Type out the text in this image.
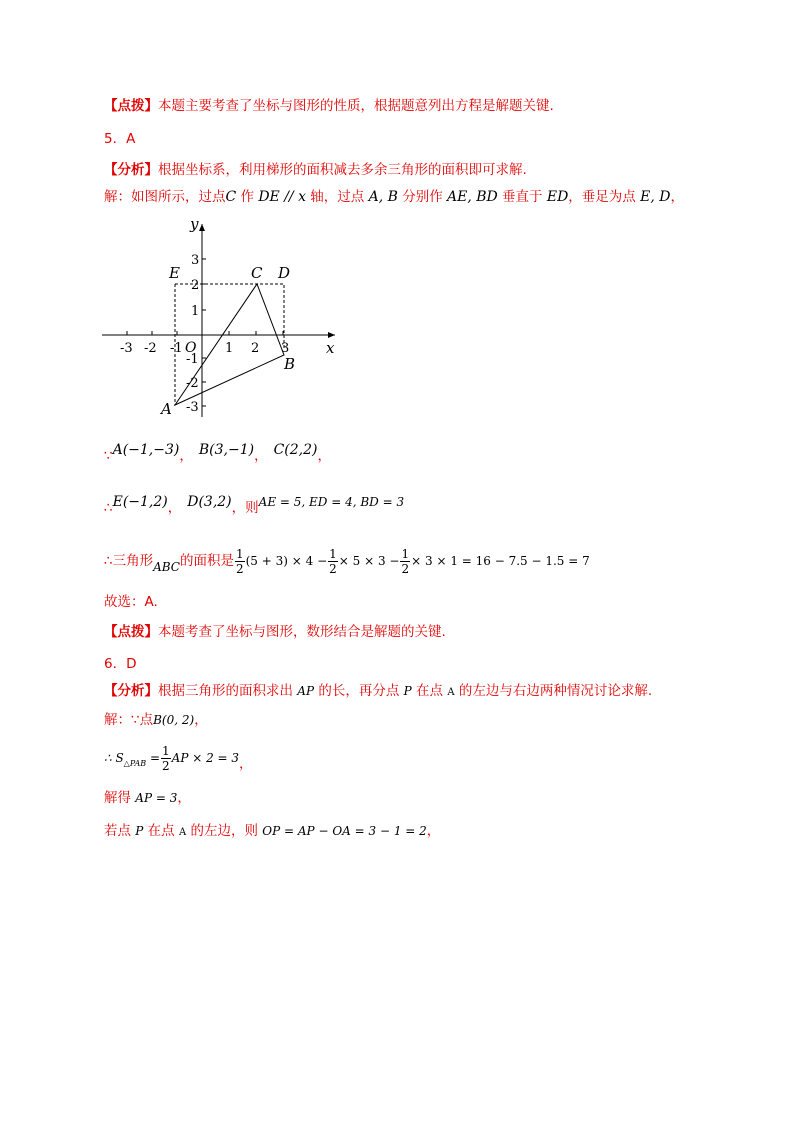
【点拨】本题主要考查了坐标与图形的性质，根据题意列出方程是解题关键.
5．A
【分析】根据坐标系，利用梯形的面积减去多余三角形的面积即可求解.
解：如图所示，过点C 作 DE // x 轴，过点 A, B 分别作 AE, BD 垂直于 ED，垂足为点 E, D，
y
x
O
-3 -2 -1	1 2 3
3
2
1
-1
-2
-3
E	C D
A
B
∵A(−1,−3)， B(3,−1)， C(2,2)，
∴E(−1,2)， D(3,2)，则AE = 5, ED = 4, BD = 3
∴三角形ABC的面积是 $\frac{1}{2} (5 + 3) \times 4 - \frac{1}{2} \times 5 \times 3 - \frac{1}{2} \times 3 \times 1 = 16 - 7.5 - 1.5 = 7$
故选：A.
【点拨】本题考查了坐标与图形，数形结合是解题的关键.
6．D
【分析】根据三角形的面积求出 AP 的长，再分点 P 在点 A 的左边与右边两种情况讨论求解.
解：∵点B(0, 2)，
∴ $S_{\triangle PAB} = \frac{1}{2}$ AP × 2 = 3，
解得 AP = 3，
若点 P 在点 A 的左边，则 OP = AP − OA = 3 − 1 = 2，
